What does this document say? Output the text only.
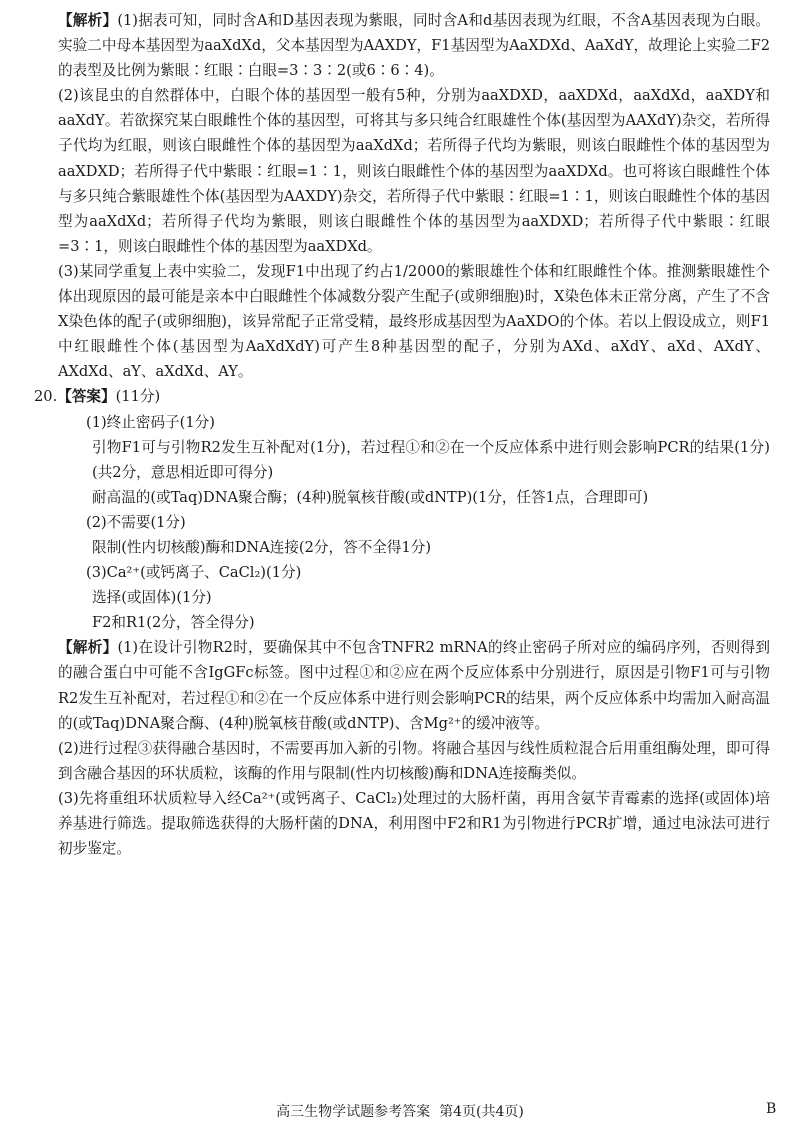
【解析】(1)据表可知，同时含A和D基因表现为紫眼，同时含A和d基因表现为红眼，不含A基因表现为白眼。实验二中母本基因型为aaXdXd，父本基因型为AAXDY，F1基因型为AaXDXd、AaXdY，故理论上实验二F2的表型及比例为紫眼∶红眼∶白眼=3∶3∶2(或6∶6∶4)。

(2)该昆虫的自然群体中，白眼个体的基因型一般有5种，分别为aaXDXD，aaXDXd，aaXdXd，aaXDY和aaXdY。若欲探究某白眼雌性个体的基因型，可将其与多只纯合红眼雄性个体(基因型为AAXdY)杂交，若所得子代均为红眼，则该白眼雌性个体的基因型为aaXdXd；若所得子代均为紫眼，则该白眼雌性个体的基因型为aaXDXD；若所得子代中紫眼∶红眼=1∶1，则该白眼雌性个体的基因型为aaXDXd。也可将该白眼雌性个体与多只纯合紫眼雄性个体(基因型为AAXDY)杂交，若所得子代中紫眼∶红眼=1∶1，则该白眼雌性个体的基因型为aaXdXd；若所得子代均为紫眼，则该白眼雌性个体的基因型为aaXDXD；若所得子代中紫眼∶红眼=3∶1，则该白眼雌性个体的基因型为aaXDXd。

(3)某同学重复上表中实验二，发现F1中出现了约占1/2000的紫眼雄性个体和红眼雌性个体。推测紫眼雄性个体出现原因的最可能是亲本中白眼雌性个体减数分裂产生配子(或卵细胞)时，X染色体未正常分离，产生了不含X染色体的配子(或卵细胞)，该异常配子正常受精，最终形成基因型为AaXDO的个体。若以上假设成立，则F1中红眼雌性个体(基因型为AaXdXdY)可产生8种基因型的配子，分别为AXd、aXdY、aXd、AXdY、AXdXd、aY、aXdXd、AY。

20.【答案】(11分)

(1)终止密码子(1分)

引物F1可与引物R2发生互补配对(1分)，若过程①和②在一个反应体系中进行则会影响PCR的结果(1分)(共2分，意思相近即可得分)

耐高温的(或Taq)DNA聚合酶；(4种)脱氧核苷酸(或dNTP)(1分，任答1点，合理即可)

(2)不需要(1分)

限制(性内切核酸)酶和DNA连接(2分，答不全得1分)

(3)Ca²⁺(或钙离子、CaCl₂)(1分)

选择(或固体)(1分)

F2和R1(2分，答全得分)

【解析】(1)在设计引物R2时，要确保其中不包含TNFR2 mRNA的终止密码子所对应的编码序列，否则得到的融合蛋白中可能不含IgGFc标签。图中过程①和②应在两个反应体系中分别进行，原因是引物F1可与引物R2发生互补配对，若过程①和②在一个反应体系中进行则会影响PCR的结果，两个反应体系中均需加入耐高温的(或Taq)DNA聚合酶、(4种)脱氧核苷酸(或dNTP)、含Mg²⁺的缓冲液等。

(2)进行过程③获得融合基因时，不需要再加入新的引物。将融合基因与线性质粒混合后用重组酶处理，即可得到含融合基因的环状质粒，该酶的作用与限制(性内切核酸)酶和DNA连接酶类似。

(3)先将重组环状质粒导入经Ca²⁺(或钙离子、CaCl₂)处理过的大肠杆菌，再用含氨苄青霉素的选择(或固体)培养基进行筛选。提取筛选获得的大肠杆菌的DNA，利用图中F2和R1为引物进行PCR扩增，通过电泳法可进行初步鉴定。

高三生物学试题参考答案 第4页(共4页)	B
